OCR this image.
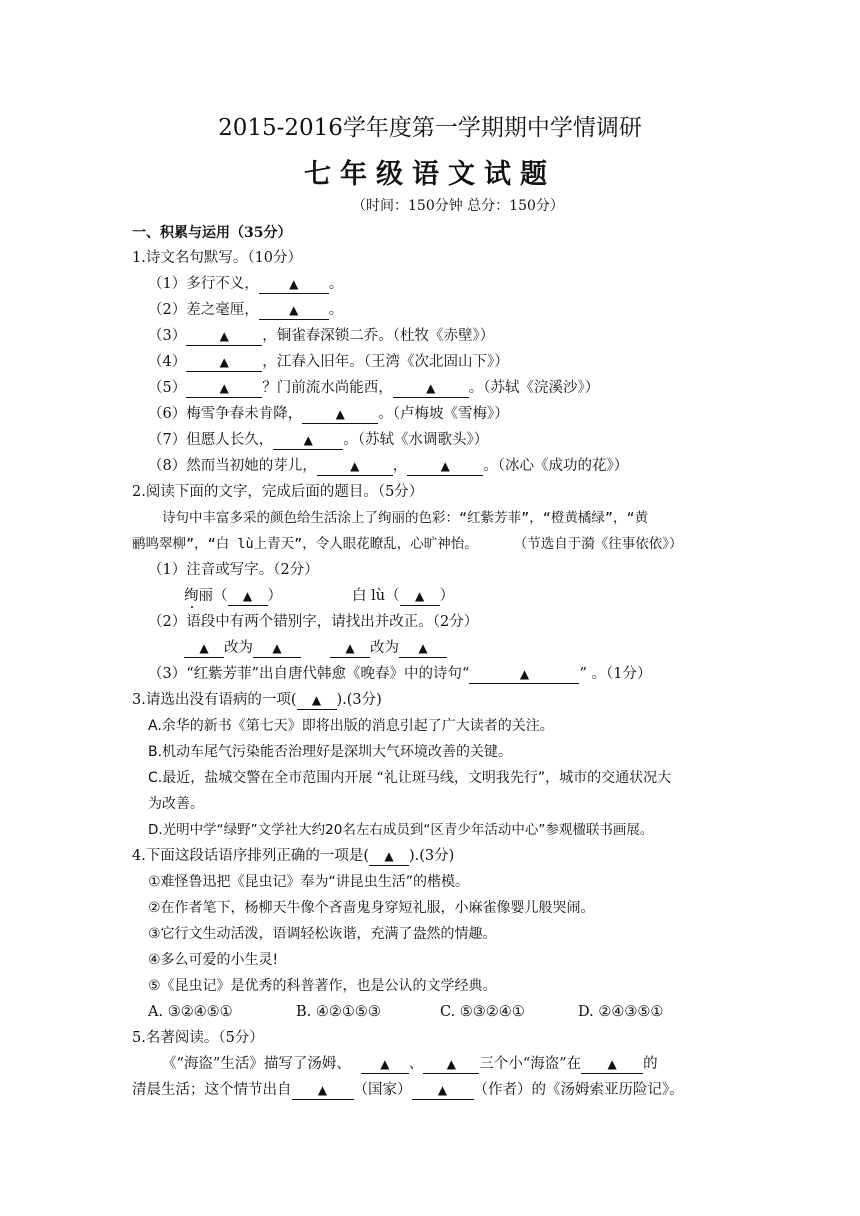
2015-2016学年度第一学期期中学情调研
七年级语文试题
（时间：150分钟 总分：150分）
一、积累与运用（35分）
1.诗文名句默写。（10分）
（1）多行不义，	▲ 。
（2）差之毫厘，	▲ 。
（3）	▲ ，铜雀春深锁二乔。（杜牧《赤壁》）
（4）	▲ ，江春入旧年。（王湾《次北固山下》）
（5）	▲ ？门前流水尚能西，	▲ 。（苏轼《浣溪沙》）
（6）梅雪争春未肯降，	▲ 。（卢梅坡《雪梅》）
（7）但愿人长久，	▲ 。（苏轼《水调歌头》）
（8）然而当初她的芽儿，	▲ ，	▲ 。（冰心《成功的花》）
2.阅读下面的文字，完成后面的题目。（5分）
诗句中丰富多采的颜色给生活涂上了绚丽的色彩：“红紫芳菲”，“橙黄橘绿”，“黄
鹂鸣翠柳”，“白 lù上青天”，令人眼花瞭乱，心旷神怡。	（节选自于漪《往事依依》）
（1）注音或写字。（2分）
绚丽（ ▲ ）	白 lù（ ▲ ）
（2）语段中有两个错别字，请找出并改正。（2分）
▲ 改为 ▲	▲ 改为 ▲
（3）“红紫芳菲”出自唐代韩愈《晚春》中的诗句“	▲	” 。（1分）
3.请选出没有语病的一项( ▲ ).(3分)
A.余华的新书《第七天》即将出版的消息引起了广大读者的关注。
B.机动车尾气污染能否治理好是深圳大气环境改善的关键。
C.最近，盐城交警在全市范围内开展 “礼让斑马线，文明我先行”，城市的交通状况大
为改善。
D.光明中学“绿野”文学社大约20名左右成员到“区青少年活动中心”参观楹联书画展。
4.下面这段话语序排列正确的一项是( ▲ ).(3分)
①难怪鲁迅把《昆虫记》奉为“讲昆虫生活”的楷模。
②在作者笔下，杨柳天牛像个吝啬鬼身穿短礼服，小麻雀像婴儿般哭闹。
③它行文生动活泼，语调轻松诙谐，充满了盎然的情趣。
④多么可爱的小生灵!
⑤《昆虫记》是优秀的科普著作，也是公认的文学经典。
A. ③②④⑤①	B. ④②①⑤③	C. ⑤③②④①	D. ②④③⑤①
5.名著阅读。（5分）
《“海盗”生活》描写了汤姆、 ▲ 、 ▲ 三个小“海盗”在 ▲ 的
清晨生活；这个情节出自 ▲ （国家） ▲ （作者）的《汤姆索亚历险记》。
